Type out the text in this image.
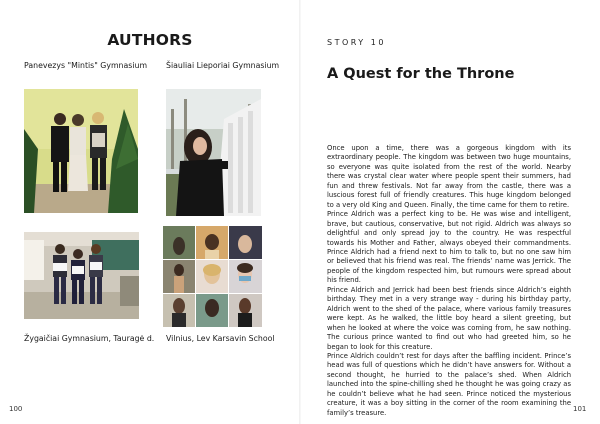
AUTHORS
Panevezys "Mintis" Gymnasium Šiauliai Lieporiai Gymnasium
Žygaičiai Gymnasium, Tauragė d. Vilnius, Lev Karsavin School
100
STORY 10
A Quest for the Throne

Once upon a time, there was a gorgeous kingdom with its extraordinary people. The kingdom was between two huge mountains, so everyone was quite isolated from the rest of the world. Nearby there was crystal clear water where people spent their summers, had fun and threw festivals. Not far away from the castle, there was a luscious forest full of friendly creatures. This huge kingdom belonged to a very old King and Queen. Finally, the time came for them to retire.

Prince Aldrich was a perfect king to be. He was wise and intelligent, brave, but cautious, conservative, but not rigid. Aldrich was always so delightful and only spread joy to the country. He was respectful towards his Mother and Father, always obeyed their commandments. Prince Aldrich had a friend next to him to talk to, but no one saw him or believed that his friend was real. The friends’ name was Jerrick. The people of the kingdom respected him, but rumours were spread about his friend.

Prince Aldrich and Jerrick had been best friends since Aldrich’s eighth birthday. They met in a very strange way - during his birthday party, Aldrich went to the shed of the palace, where various family treasures were kept. As he walked, the little boy heard a silent greeting, but when he looked at where the voice was coming from, he saw nothing. The curious prince wanted to find out who had greeted him, so he began to look for this creature.

Prince Aldrich couldn’t rest for days after the baffling incident. Prince’s head was full of questions which he didn’t have answers for. Without a second thought, he hurried to the palace’s shed. When Aldrich launched into the spine-chilling shed he thought he was going crazy as he couldn’t believe what he had seen. Prince noticed the mysterious creature, it was a boy sitting in the corner of the room examining the family’s treasure.	101
